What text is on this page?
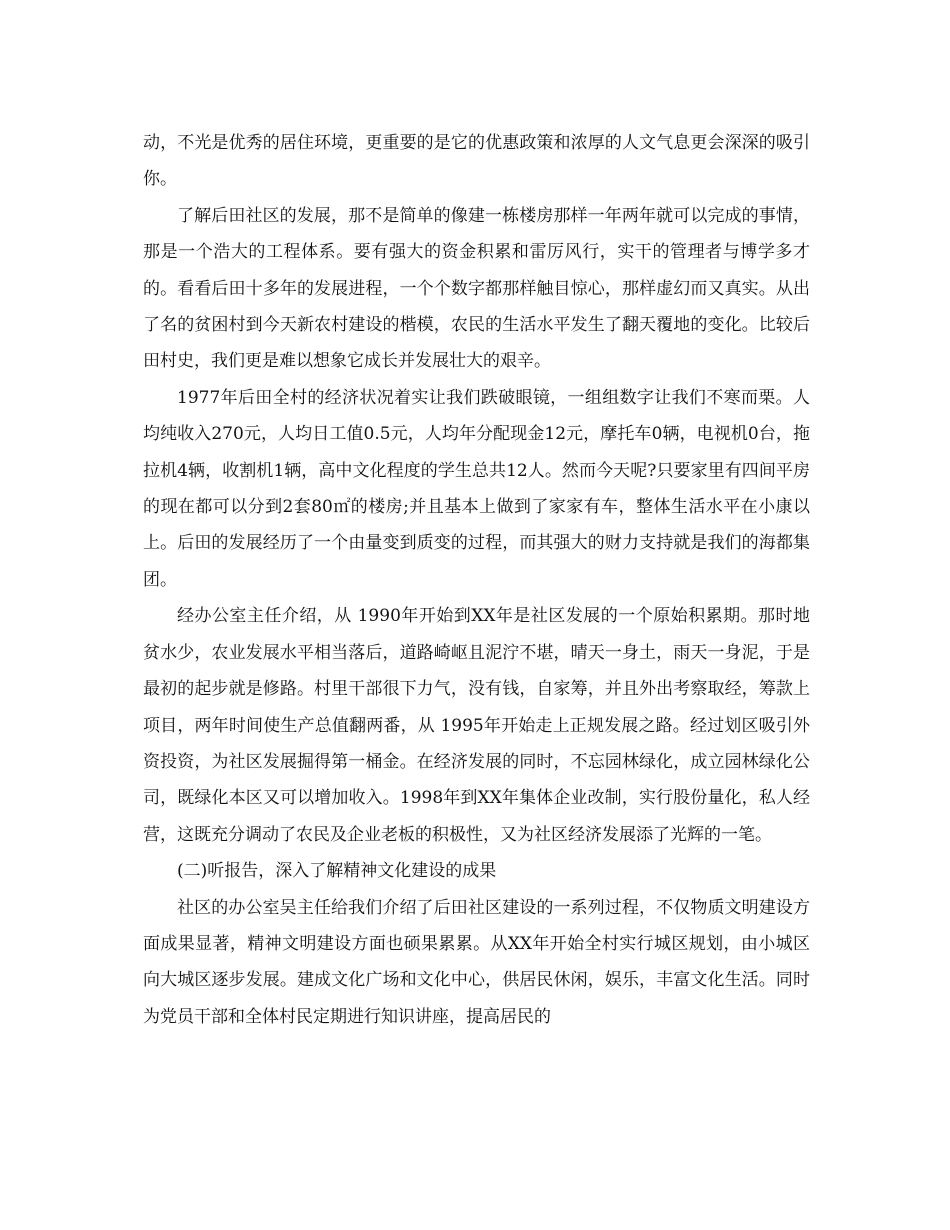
动，不光是优秀的居住环境，更重要的是它的优惠政策和浓厚的人文气息更会深深的吸引你。

了解后田社区的发展，那不是简单的像建一栋楼房那样一年两年就可以完成的事情，那是一个浩大的工程体系。要有强大的资金积累和雷厉风行，实干的管理者与博学多才的。看看后田十多年的发展进程，一个个数字都那样触目惊心，那样虚幻而又真实。从出了名的贫困村到今天新农村建设的楷模，农民的生活水平发生了翻天覆地的变化。比较后田村史，我们更是难以想象它成长并发展壮大的艰辛。

1977年后田全村的经济状况着实让我们跌破眼镜，一组组数字让我们不寒而栗。人均纯收入270元，人均日工值0.5元，人均年分配现金12元，摩托车0辆，电视机0台，拖拉机4辆，收割机1辆，高中文化程度的学生总共12人。然而今天呢?只要家里有四间平房的现在都可以分到2套80㎡的楼房;并且基本上做到了家家有车，整体生活水平在小康以上。后田的发展经历了一个由量变到质变的过程，而其强大的财力支持就是我们的海都集团。

经办公室主任介绍，从 1990年开始到XX年是社区发展的一个原始积累期。那时地贫水少，农业发展水平相当落后，道路崎岖且泥泞不堪，晴天一身土，雨天一身泥，于是最初的起步就是修路。村里干部很下力气，没有钱，自家筹，并且外出考察取经，筹款上项目，两年时间使生产总值翻两番，从 1995年开始走上正规发展之路。经过划区吸引外资投资，为社区发展掘得第一桶金。在经济发展的同时，不忘园林绿化，成立园林绿化公司，既绿化本区又可以增加收入。1998年到XX年集体企业改制，实行股份量化，私人经营，这既充分调动了农民及企业老板的积极性，又为社区经济发展添了光辉的一笔。

(二)听报告，深入了解精神文化建设的成果

社区的办公室吴主任给我们介绍了后田社区建设的一系列过程，不仅物质文明建设方面成果显著，精神文明建设方面也硕果累累。从XX年开始全村实行城区规划，由小城区向大城区逐步发展。建成文化广场和文化中心，供居民休闲，娱乐，丰富文化生活。同时为党员干部和全体村民定期进行知识讲座，提高居民的
